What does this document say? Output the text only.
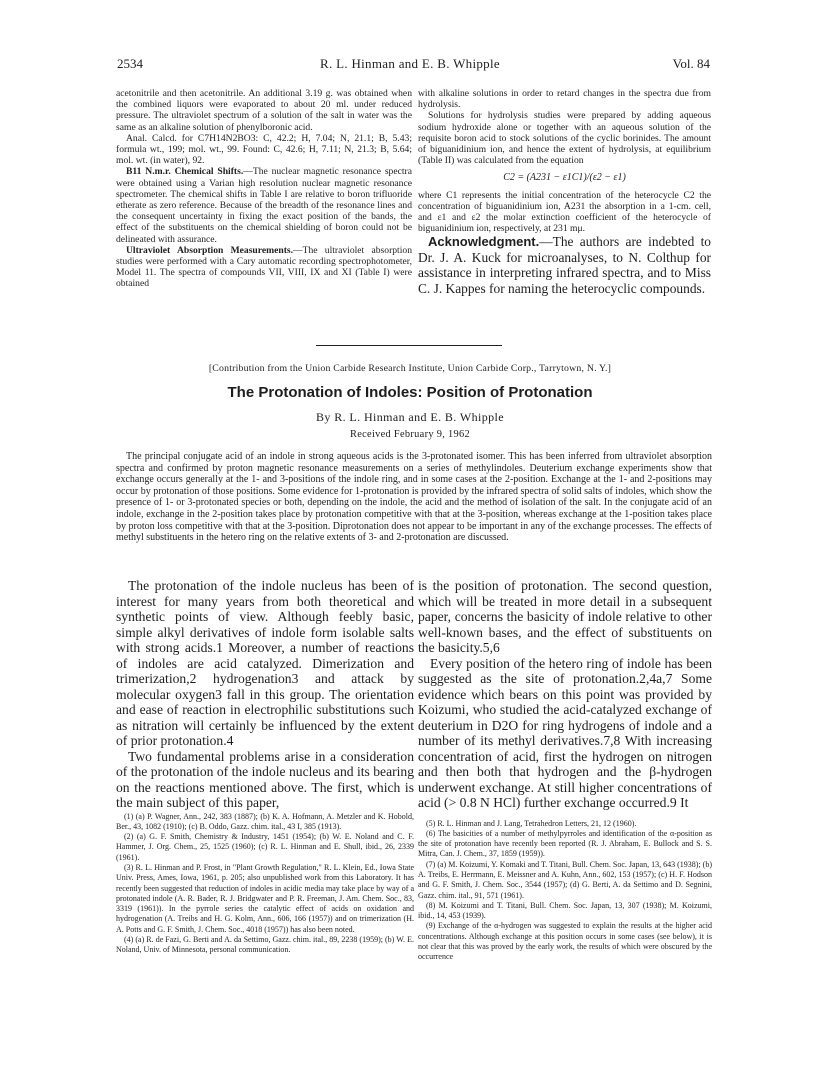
2534	R. L. Hinman and E. B. Whipple	Vol. 84

acetonitrile and then acetonitrile. An additional 3.19 g. was obtained when the combined liquors were evaporated to about 20 ml. under reduced pressure. The ultraviolet spectrum of a solution of the salt in water was the same as an alkaline solution of phenylboronic acid.

Anal. Calcd. for C7H14N2BO3: C, 42.2; H, 7.04; N, 21.1; B, 5.43; formula wt., 199; mol. wt., 99. Found: C, 42.6; H, 7.11; N, 21.3; B, 5.64; mol. wt. (in water), 92.

B11 N.m.r. Chemical Shifts.—The nuclear magnetic resonance spectra were obtained using a Varian high resolution nuclear magnetic resonance spectrometer. The chemical shifts in Table I are relative to boron trifluoride etherate as zero reference. Because of the breadth of the resonance lines and the consequent uncertainty in fixing the exact position of the bands, the effect of the substituents on the chemical shielding of boron could not be delineated with assurance.

Ultraviolet Absorption Measurements.—The ultraviolet absorption studies were performed with a Cary automatic recording spectrophotometer, Model 11. The spectra of compounds VII, VIII, IX and XI (Table I) were obtained

with alkaline solutions in order to retard changes in the spectra due from hydrolysis.

Solutions for hydrolysis studies were prepared by adding aqueous sodium hydroxide alone or together with an aqueous solution of the requisite boron acid to stock solutions of the cyclic borinides. The amount of biguanidinium ion, and hence the extent of hydrolysis, at equilibrium (Table II) was calculated from the equation

C2 = (A231 − ε1C1)/(ε2 − ε1)

where C1 represents the initial concentration of the heterocycle C2 the concentration of biguanidinium ion, A231 the absorption in a 1-cm. cell, and ε1 and ε2 the molar extinction coefficient of the heterocycle of biguanidinium ion, respectively, at 231 mμ.

Acknowledgment.—The authors are indebted to Dr. J. A. Kuck for microanalyses, to N. Colthup for assistance in interpreting infrared spectra, and to Miss C. J. Kappes for naming the heterocyclic compounds.

[Contribution from the Union Carbide Research Institute, Union Carbide Corp., Tarrytown, N. Y.]
The Protonation of Indoles: Position of Protonation
By R. L. Hinman and E. B. Whipple
Received February 9, 1962
The principal conjugate acid of an indole in strong aqueous acids is the 3-protonated isomer. This has been inferred from ultraviolet absorption spectra and confirmed by proton magnetic resonance measurements on a series of methylindoles. Deuterium exchange experiments show that exchange occurs generally at the 1- and 3-positions of the indole ring, and in some cases at the 2-position. Exchange at the 1- and 2-positions may occur by protonation of those positions. Some evidence for 1-protonation is provided by the infrared spectra of solid salts of indoles, which show the presence of 1- or 3-protonated species or both, depending on the indole, the acid and the method of isolation of the salt. In the conjugate acid of an indole, exchange in the 2-position takes place by protonation competitive with that at the 3-position, whereas exchange at the 1-position takes place by proton loss competitive with that at the 3-position. Diprotonation does not appear to be important in any of the exchange processes. The effects of methyl substituents in the hetero ring on the relative extents of 3- and 2-protonation are discussed.

The protonation of the indole nucleus has been of interest for many years from both theoretical and synthetic points of view. Although feebly basic, simple alkyl derivatives of indole form isolable salts with strong acids.1 Moreover, a number of reactions of indoles are acid catalyzed. Dimerization and trimerization,2 hydrogenation3 and attack by molecular oxygen3 fall in this group. The orientation and ease of reaction in electrophilic substitutions such as nitration will certainly be influenced by the extent of prior protonation.4

Two fundamental problems arise in a consideration of the protonation of the indole nucleus and its bearing on the reactions mentioned above. The first, which is the main subject of this paper,

(1) (a) P. Wagner, Ann., 242, 383 (1887); (b) K. A. Hofmann, A. Metzler and K. Hobold, Ber., 43, 1082 (1910); (c) B. Oddo, Gazz. chim. ital., 43 I, 385 (1913).

(2) (a) G. F. Smith, Chemistry & Industry, 1451 (1954); (b) W. E. Noland and C. F. Hammer, J. Org. Chem., 25, 1525 (1960); (c) R. L. Hinman and E. Shull, ibid., 26, 2339 (1961).

(3) R. L. Hinman and P. Frost, in "Plant Growth Regulation," R. L. Klein, Ed., Iowa State Univ. Press, Ames, Iowa, 1961, p. 205; also unpublished work from this Laboratory. It has recently been suggested that reduction of indoles in acidic media may take place by way of a protonated indole (A. R. Bader, R. J. Bridgwater and P. R. Freeman, J. Am. Chem. Soc., 83, 3319 (1961)). In the pyrrole series the catalytic effect of acids on oxidation and hydrogenation (A. Treibs and H. G. Kolm, Ann., 606, 166 (1957)) and on trimerization (H. A. Potts and G. F. Smith, J. Chem. Soc., 4018 (1957)) has also been noted.

(4) (a) R. de Fazi, G. Berti and A. da Settimo, Gazz. chim. ital., 89, 2238 (1959); (b) W. E. Noland, Univ. of Minnesota, personal communication.

is the position of protonation. The second question, which will be treated in more detail in a subsequent paper, concerns the basicity of indole relative to other well-known bases, and the effect of substituents on the basicity.5,6

Every position of the hetero ring of indole has been suggested as the site of protonation.2,4a,7 Some evidence which bears on this point was provided by Koizumi, who studied the acid-catalyzed exchange of deuterium in D2O for ring hydrogens of indole and a number of its methyl derivatives.7,8 With increasing concentration of acid, first the hydrogen on nitrogen and then both that hydrogen and the β-hydrogen underwent exchange. At still higher concentrations of acid (> 0.8 N HCl) further exchange occurred.9 It

(5) R. L. Hinman and J. Lang, Tetrahedron Letters, 21, 12 (1960).

(6) The basicities of a number of methylpyrroles and identification of the α-position as the site of protonation have recently been reported (R. J. Abraham, E. Bullock and S. S. Mitra, Can. J. Chem., 37, 1859 (1959)).

(7) (a) M. Koizumi, Y. Komaki and T. Titani, Bull. Chem. Soc. Japan, 13, 643 (1938); (b) A. Treibs, E. Herrmann, E. Meissner and A. Kuhn, Ann., 602, 153 (1957); (c) H. F. Hodson and G. F. Smith, J. Chem. Soc., 3544 (1957); (d) G. Berti, A. da Settimo and D. Segnini, Gazz. chim. ital., 91, 571 (1961).

(8) M. Koizumi and T. Titani, Bull. Chem. Soc. Japan, 13, 307 (1938); M. Koizumi, ibid., 14, 453 (1939).

(9) Exchange of the α-hydrogen was suggested to explain the results at the higher acid concentrations. Although exchange at this position occurs in some cases (see below), it is not clear that this was proved by the early work, the results of which were obscured by the occurrence
